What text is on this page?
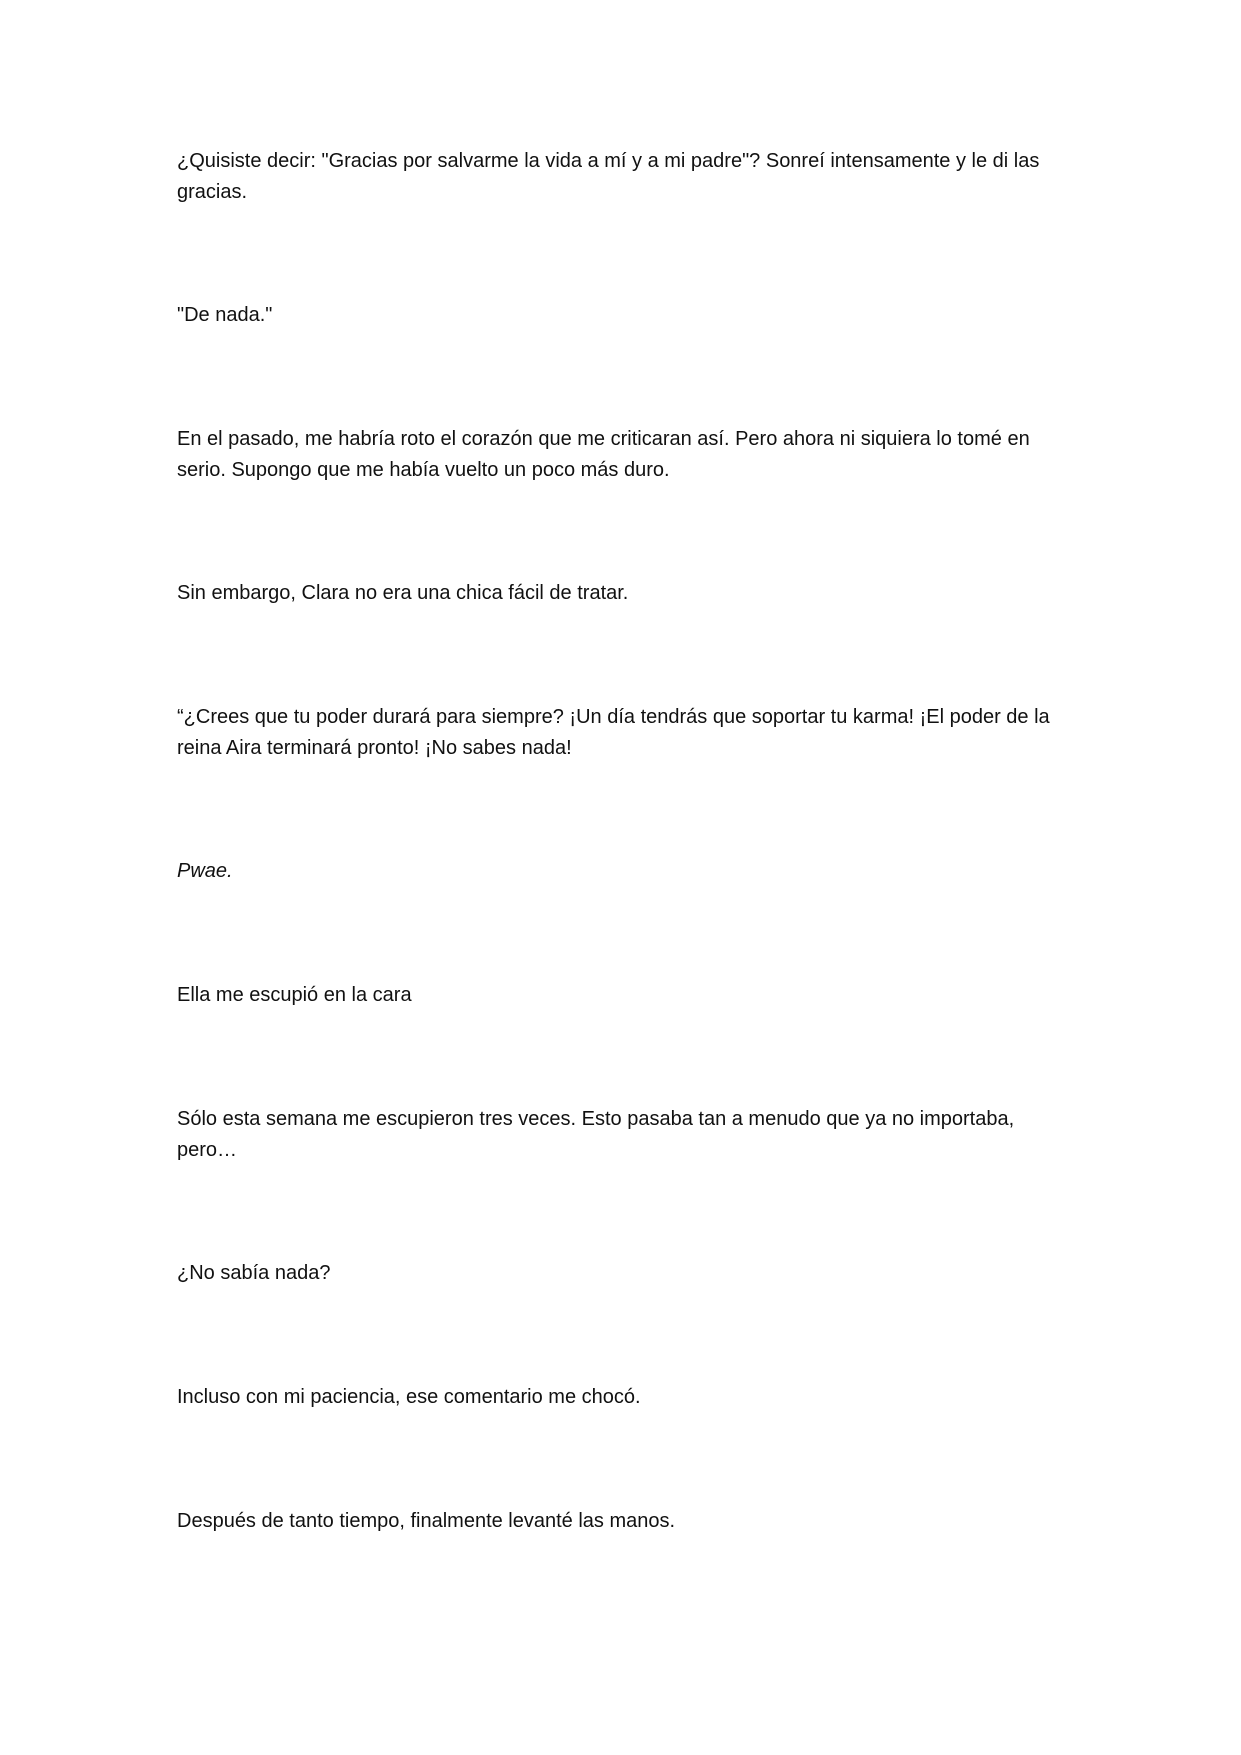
¿Quisiste decir: "Gracias por salvarme la vida a mí y a mi padre"? Sonreí intensamente y le di las gracias.

"De nada."

En el pasado, me habría roto el corazón que me criticaran así. Pero ahora ni siquiera lo tomé en serio. Supongo que me había vuelto un poco más duro.

Sin embargo, Clara no era una chica fácil de tratar.

“¿Crees que tu poder durará para siempre? ¡Un día tendrás que soportar tu karma! ¡El poder de la reina Aira terminará pronto! ¡No sabes nada!

Pwae.

Ella me escupió en la cara

Sólo esta semana me escupieron tres veces. Esto pasaba tan a menudo que ya no importaba, pero…

¿No sabía nada?

Incluso con mi paciencia, ese comentario me chocó.

Después de tanto tiempo, finalmente levanté las manos.
